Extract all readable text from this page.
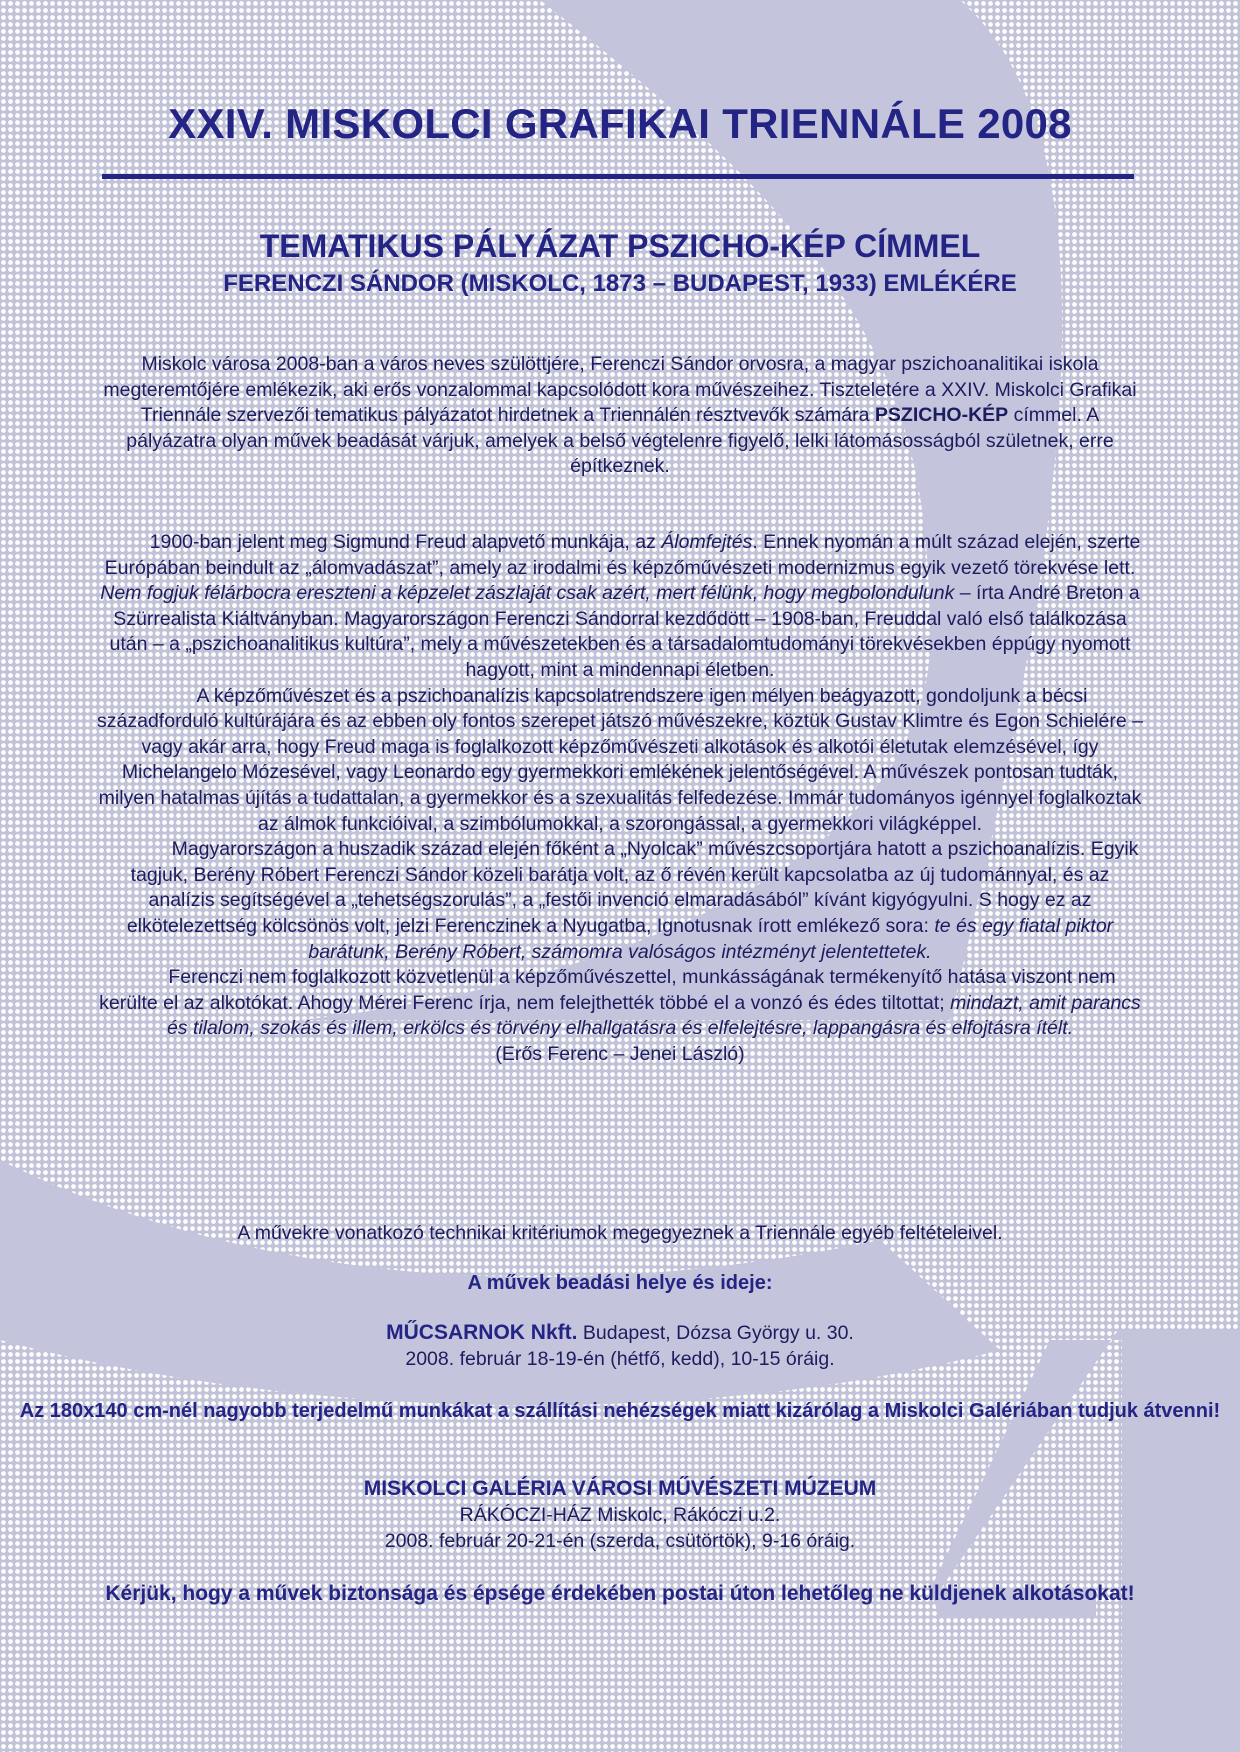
XXIV. MISKOLCI GRAFIKAI TRIENNÁLE 2008
TEMATIKUS PÁLYÁZAT PSZICHO-KÉP CÍMMEL
FERENCZI SÁNDOR (MISKOLC, 1873 – BUDAPEST, 1933) EMLÉKÉRE

Miskolc városa 2008-ban a város neves szülöttjére, Ferenczi Sándor orvosra, a magyar pszichoanalitikai iskola megteremtőjére emlékezik, aki erős vonzalommal kapcsolódott kora művészeihez. Tiszteletére a XXIV. Miskolci Grafikai Triennále szervezői tematikus pályázatot hirdetnek a Triennálén résztvevők számára PSZICHO-KÉP címmel. A pályázatra olyan művek beadását várjuk, amelyek a belső végtelenre figyelő, lelki látomásosságból születnek, erre építkeznek.

1900-ban jelent meg Sigmund Freud alapvető munkája, az Álomfejtés. Ennek nyomán a múlt század elején, szerte Európában beindult az „álomvadászat”, amely az irodalmi és képzőművészeti modernizmus egyik vezető törekvése lett. Nem fogjuk félárbocra ereszteni a képzelet zászlaját csak azért, mert félünk, hogy megbolondulunk – írta André Breton a Szürrealista Kiáltványban. Magyarországon Ferenczi Sándorral kezdődött – 1908-ban, Freuddal való első találkozása után – a „pszichoanalitikus kultúra”, mely a művészetekben és a társadalomtudományi törekvésekben éppúgy nyomott hagyott, mint a mindennapi életben.

A képzőművészet és a pszichoanalízis kapcsolatrendszere igen mélyen beágyazott, gondoljunk a bécsi századforduló kultúrájára és az ebben oly fontos szerepet játszó művészekre, köztük Gustav Klimtre és Egon Schielére – vagy akár arra, hogy Freud maga is foglalkozott képzőművészeti alkotások és alkotói életutak elemzésével, így Michelangelo Mózesével, vagy Leonardo egy gyermekkori emlékének jelentőségével. A művészek pontosan tudták, milyen hatalmas újítás a tudattalan, a gyermekkor és a szexualitás felfedezése. Immár tudományos igénnyel foglalkoztak az álmok funkcióival, a szimbólumokkal, a szorongással, a gyermekkori világképpel.

Magyarországon a huszadik század elején főként a „Nyolcak” művészcsoportjára hatott a pszichoanalízis. Egyik tagjuk, Berény Róbert Ferenczi Sándor közeli barátja volt, az ő révén került kapcsolatba az új tudománnyal, és az analízis segítségével a „tehetségszorulás”, a „festői invenció elmaradásából” kívánt kigyógyulni. S hogy ez az elkötelezettség kölcsönös volt, jelzi Ferenczinek a Nyugatba, Ignotusnak írott emlékező sora: te és egy fiatal piktor barátunk, Berény Róbert, számomra valóságos intézményt jelentettetek.

Ferenczi nem foglalkozott közvetlenül a képzőművészettel, munkásságának termékenyítő hatása viszont nem kerülte el az alkotókat. Ahogy Mérei Ferenc írja, nem felejthették többé el a vonzó és édes tiltottat; mindazt, amit parancs és tilalom, szokás és illem, erkölcs és törvény elhallgatásra és elfelejtésre, lappangásra és elfojtásra ítélt.

(Erős Ferenc – Jenei László)

A művekre vonatkozó technikai kritériumok megegyeznek a Triennále egyéb feltételeivel.

A művek beadási helye és ideje:

MŰCSARNOK Nkft. Budapest, Dózsa György u. 30.
2008. február 18-19-én (hétfő, kedd), 10-15 óráig.

Az 180x140 cm-nél nagyobb terjedelmű munkákat a szállítási nehézségek miatt kizárólag a Miskolci Galériában tudjuk átvenni!

MISKOLCI GALÉRIA VÁROSI MŰVÉSZETI MÚZEUM
RÁKÓCZI-HÁZ Miskolc, Rákóczi u.2.
2008. február 20-21-én (szerda, csütörtök), 9-16 óráig.

Kérjük, hogy a művek biztonsága és épsége érdekében postai úton lehetőleg ne küldjenek alkotásokat!
